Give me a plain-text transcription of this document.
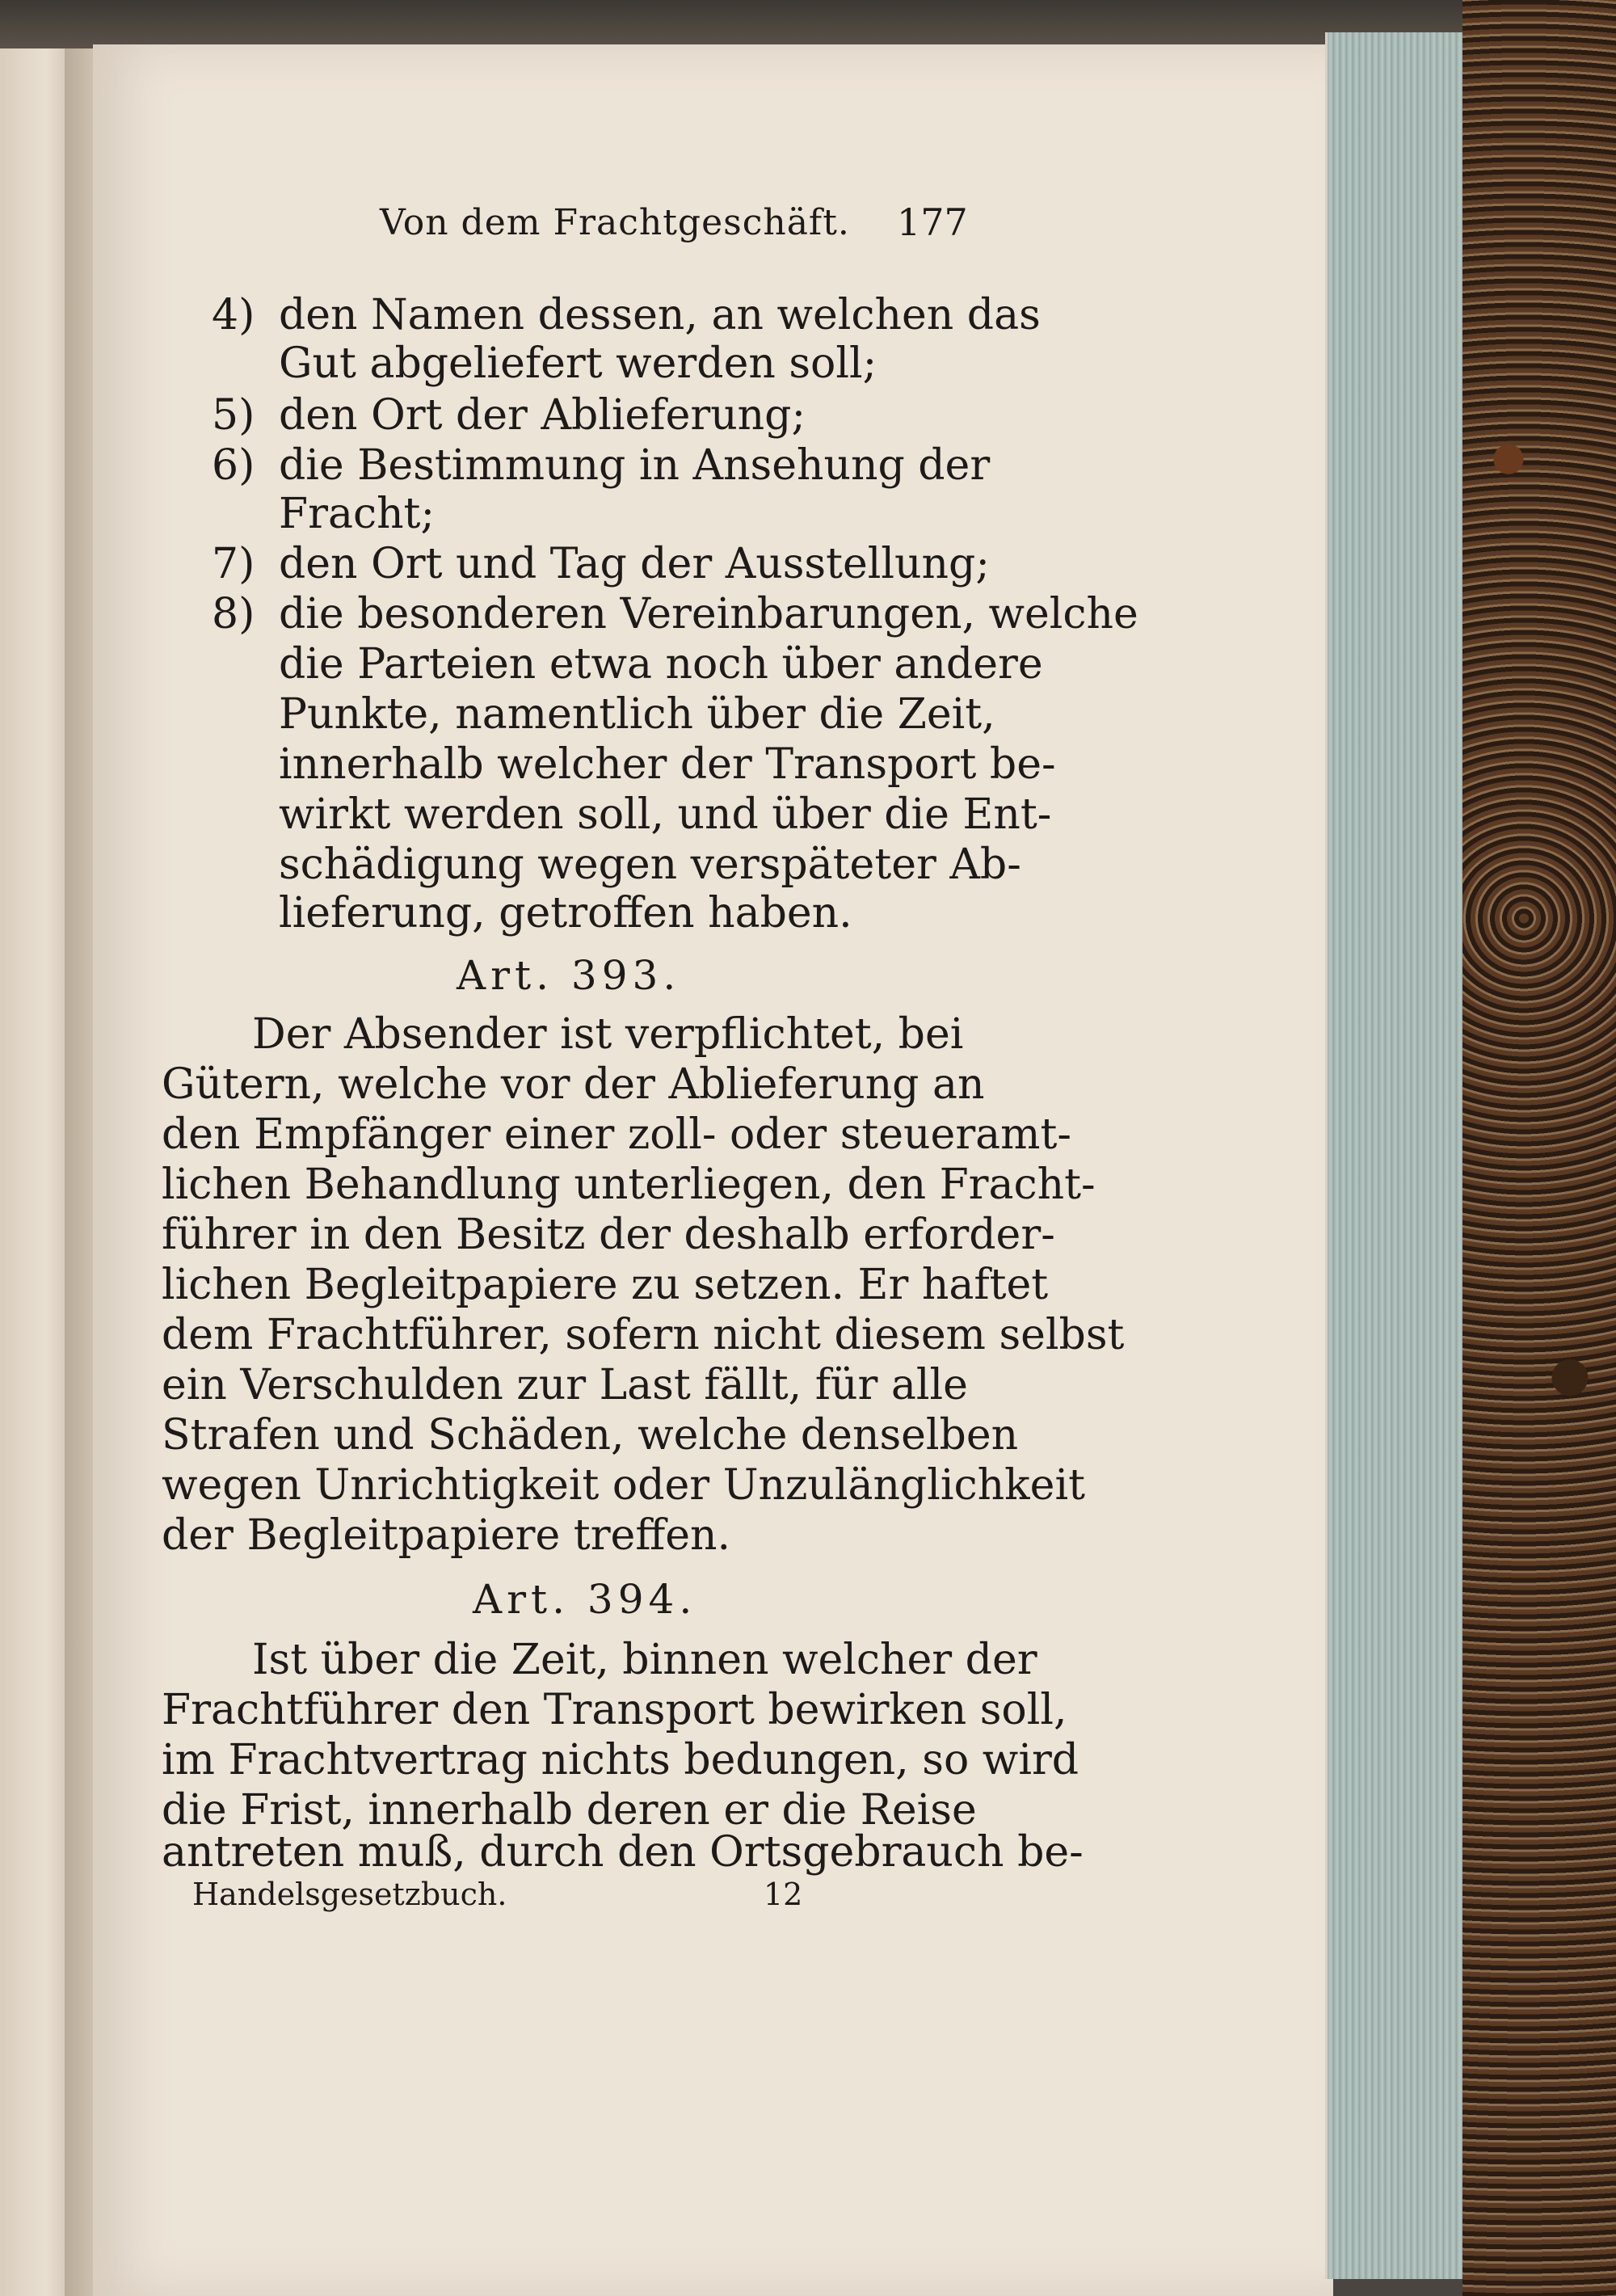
Von dem Frachtgeschäft. 177
4) den Namen dessen, an welchen das
Gut abgeliefert werden soll;
5) den Ort der Ablieferung;
6) die Bestimmung in Ansehung der
Fracht;
7) den Ort und Tag der Ausstellung;
8) die besonderen Vereinbarungen, welche
die Parteien etwa noch über andere
Punkte, namentlich über die Zeit,
innerhalb welcher der Transport be-
wirkt werden soll, und über die Ent-
schädigung wegen verspäteter Ab-
lieferung, getroffen haben.
Art. 393.
Der Absender ist verpflichtet, bei
Gütern, welche vor der Ablieferung an
den Empfänger einer zoll- oder steueramt-
lichen Behandlung unterliegen, den Fracht-
führer in den Besitz der deshalb erforder-
lichen Begleitpapiere zu setzen. Er haftet
dem Frachtführer, sofern nicht diesem selbst
ein Verschulden zur Last fällt, für alle
Strafen und Schäden, welche denselben
wegen Unrichtigkeit oder Unzulänglichkeit
der Begleitpapiere treffen.
Art. 394.
Ist über die Zeit, binnen welcher der
Frachtführer den Transport bewirken soll,
im Frachtvertrag nichts bedungen, so wird
die Frist, innerhalb deren er die Reise
antreten muß, durch den Ortsgebrauch be-
Handelsgesetzbuch.	12
